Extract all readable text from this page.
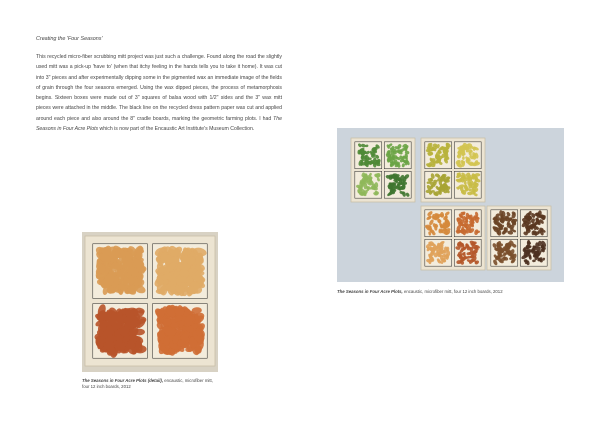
Creating the 'Four Seasons'
This recycled micro-fiber scrubbing mitt project was just such a challenge. Found along the road the slightly used mitt was a pick-up 'have to' (when that itchy feeling in the hands tells you to take it home). It was cut into 3" pieces and after experimentally dipping some in the pigmented wax an immediate image of the fields of grain through the four seasons emerged. Using the wax dipped pieces, the process of metamorphosis begins. Sixteen boxes were made out of 3" squares of balsa wood with 1/2" sides and the 3" wax mitt pieces were attached in the middle. The black line on the recycled dress pattern paper was cut and applied around each piece and also around the 8" cradle boards, marking the geometric farming plots. I had The Seasons in Four Acre Plots which is now part of the Encaustic Art Institute's Museum Collection.
The Seasons in Four Acre Plots (detail), encaustic, microfiber mitt, four 12 inch boards, 2012
The Seasons in Four Acre Plots, encaustic, microfiber mitt, four 12 inch boards, 2012
